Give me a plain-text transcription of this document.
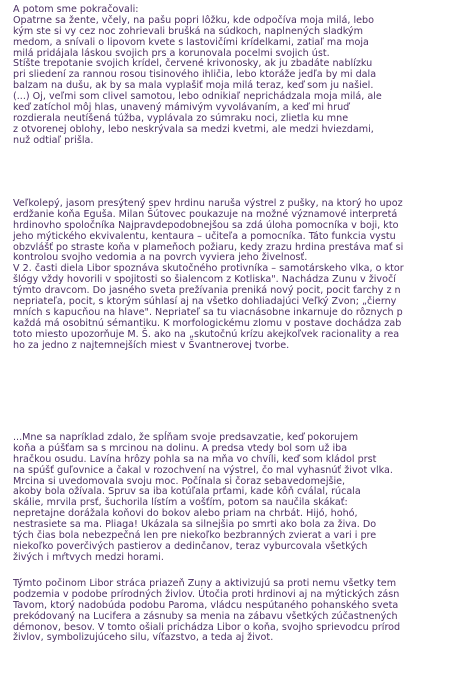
A potom sme pokračovali:
Opatrne sa žente, včely, na pašu popri lôžku, kde odpočíva moja milá, lebo
kým ste si vy cez noc zohrievali brušká na súdkoch, naplnených sladkým
medom, a snívali o lipovom kvete s lastovičími krídelkami, zatiaľ ma moja
milá pridájala láskou svojich prs a korunovala pocelmi svojich úst.
Stíšte trepotanie svojich krídel, červené krivonosky, ak ju zbadáte nablízku
pri sliedení za rannou rosou tisinového ihličia, lebo ktoráže jedľa by mi dala
balzam na dušu, ak by sa mala vyplašiť moja milá teraz, keď som ju našiel.
(...) Oj, veľmi som clivel samotou, lebo odnikiaľ neprichádzala moja milá, ale
keď zatíchol môj hlas, unavený mámivým vyvolávaním, a keď mi hruď
rozdierala neutíšená túžba, vyplávala zo súmraku noci, zlietla ku mne
z otvorenej oblohy, lebo neskrývala sa medzi kvetmi, ale medzi hviezdami,
nuž odtiaľ prišla.
Veľkolepý, jasom presýtený spev hrdinu naruša výstrel z pušky, na ktorý ho upoz
erdžanie koňa Eguša. Milan Šútovec poukazuje na možné významové interpretá
hrdinovho spoločníka Najpravdepodobnejšou sa zdá úloha pomocníka v boji, kto
jeho mýtického ekvivalentu, kentaura – učiteľa a pomocníka. Táto funkcia vystu
obzvlášť po straste koňa v plameňoch požiaru, kedy zrazu hrdina prestáva mať si
kontrolou svojho vedomia a na povrch vyviera jeho živelnosť.
V 2. časti diela Libor spoznáva skutočného protivníka – samotárskeho vlka, o ktor
šlógy vždy hovorili v spojitosti so šialencom z Kotliska". Nachádza Zunu v živočí
týmto dravcom. Do jasného sveta prežívania preniká nový pocit, pocit ťarchy z n
nepriateľa, pocit, s ktorým súhlasí aj na všetko dohliadajúci Veľký Zvon; „čierny
mních s kapucňou na hlave". Nepriateľ sa tu viacnásobne inkarnuje do rôznych p
každá má osobitnú sémantiku. K morfologickému zlomu v postave dochádza zab
toto miesto upozorňuje M. Š. ako na „skutočnú krízu akejkoľvek racionality a rea
ho za jedno z najtemnejších miest v Švantnerovej tvorbe.
...Mne sa napríklad zdalo, že spĺňam svoje predsavzatie, keď pokorujem
koňa a púšťam sa s mrcinou na dolinu. A predsa vtedy bol som už iba
hračkou osudu. Lavína hrôzy pohla sa na mňa vo chvíli, keď som kládol prst
na spúšť guľovnice a čakal v rozochvení na výstrel, čo mal vyhasnúť život vlka.
Mrcina si uvedomovala svoju moc. Počínala si čoraz sebavedomejšie,
akoby bola ožívala. Spruv sa iba kotúľala prťami, kade kôň cválal, rúcala
skálie, mrvila prsť, šuchorila lístím a vošťím, potom sa naučila skákať:
nepretajne dorážala koňovi do bokov alebo priam na chrbát. Hijó, hohó,
nestrasiete sa ma. Pliaga! Ukázala sa silnejšia po smrti ako bola za živa. Do
tých čias bola nebezpečná len pre niekoľko bezbranných zvierat a vari i pre
niekoľko poverčivých pastierov a dedinčanov, teraz vyburcovala všetkých
živých i mŕtvych medzi horami.
Týmto počinom Libor stráca priazeň Zuny a aktivizujú sa proti nemu všetky tem
podzemia v podobe prírodných živlov. Útočia proti hrdinovi aj na mýtických zásn
Tavom, ktorý nadobúda podobu Paroma, vládcu nespútaného pohanského sveta
prekódovaný na Lucifera a zásnuby sa menia na zábavu všetkých zúčastnených
démonov, besov. V tomto ošiali prichádza Libor o koňa, svojho sprievodcu prírod
živlov, symbolizujúceho silu, víťazstvo, a teda aj život.
